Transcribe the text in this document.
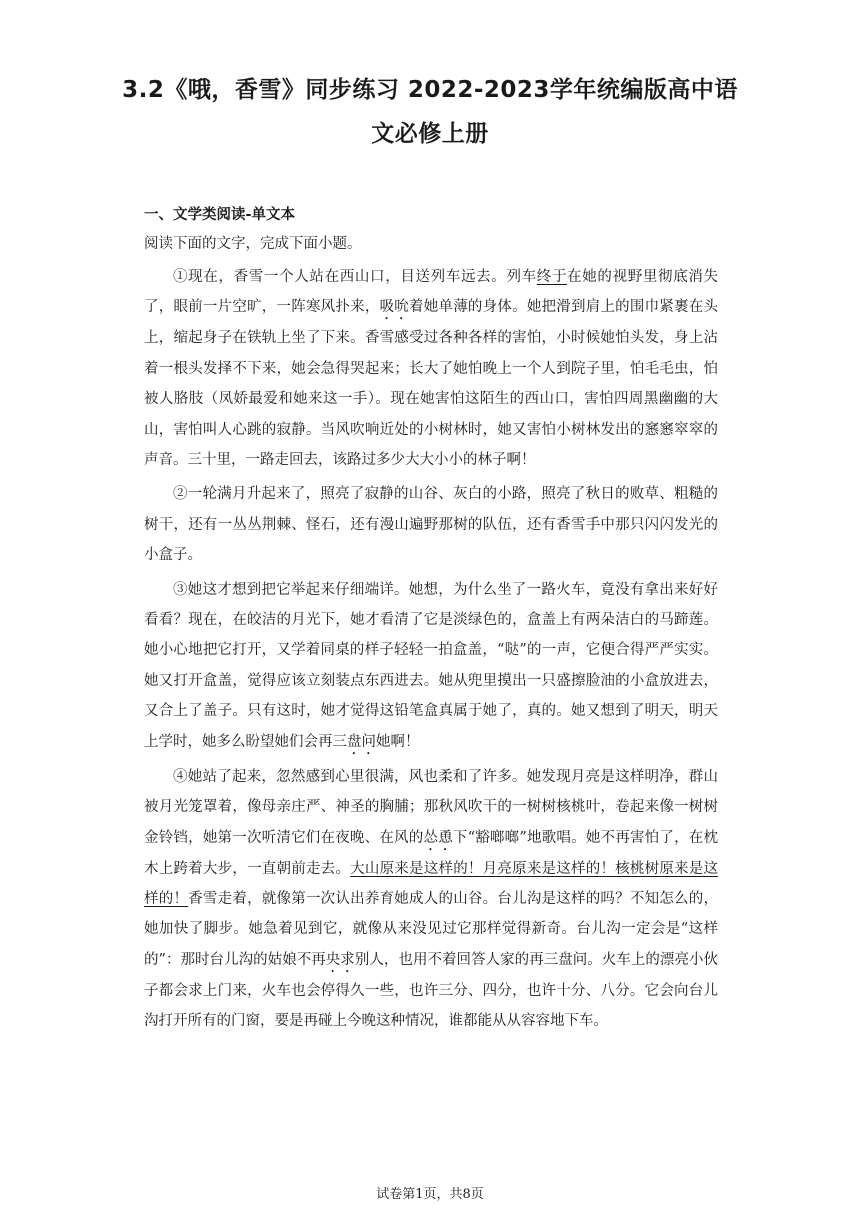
3.2《哦，香雪》同步练习 2022-2023学年统编版高中语文必修上册
一、文学类阅读-单文本
阅读下面的文字，完成下面小题。

①现在，香雪一个人站在西山口，目送列车远去。列车终于在她的视野里彻底消失了，眼前一片空旷，一阵寒风扑来，吸吮着她单薄的身体。她把滑到肩上的围巾紧裹在头上，缩起身子在铁轨上坐了下来。香雪感受过各种各样的害怕，小时候她怕头发，身上沾着一根头发择不下来，她会急得哭起来；长大了她怕晚上一个人到院子里，怕毛毛虫，怕被人胳肢（凤娇最爱和她来这一手）。现在她害怕这陌生的西山口，害怕四周黑幽幽的大山，害怕叫人心跳的寂静。当风吹响近处的小树林时，她又害怕小树林发出的窸窸窣窣的声音。三十里，一路走回去，该路过多少大大小小的林子啊！

②一轮满月升起来了，照亮了寂静的山谷、灰白的小路，照亮了秋日的败草、粗糙的树干，还有一丛丛荆棘、怪石，还有漫山遍野那树的队伍，还有香雪手中那只闪闪发光的小盒子。

③她这才想到把它举起来仔细端详。她想，为什么坐了一路火车，竟没有拿出来好好看看？现在，在皎洁的月光下，她才看清了它是淡绿色的，盒盖上有两朵洁白的马蹄莲。她小心地把它打开，又学着同桌的样子轻轻一拍盒盖，“哒”的一声，它便合得严严实实。她又打开盒盖，觉得应该立刻装点东西进去。她从兜里摸出一只盛擦脸油的小盒放进去，又合上了盖子。只有这时，她才觉得这铅笔盒真属于她了，真的。她又想到了明天，明天上学时，她多么盼望她们会再三盘问她啊！

④她站了起来，忽然感到心里很满，风也柔和了许多。她发现月亮是这样明净，群山被月光笼罩着，像母亲庄严、神圣的胸脯；那秋风吹干的一树树核桃叶，卷起来像一树树金铃铛，她第一次听清它们在夜晚、在风的怂恿下“豁啷啷”地歌唱。她不再害怕了，在枕木上跨着大步，一直朝前走去。大山原来是这样的！月亮原来是这样的！核桃树原来是这样的！香雪走着，就像第一次认出养育她成人的山谷。台儿沟是这样的吗？不知怎么的，她加快了脚步。她急着见到它，就像从来没见过它那样觉得新奇。台儿沟一定会是“这样的”：那时台儿沟的姑娘不再央求别人，也用不着回答人家的再三盘问。火车上的漂亮小伙子都会求上门来，火车也会停得久一些，也许三分、四分，也许十分、八分。它会向台儿沟打开所有的门窗，要是再碰上今晚这种情况，谁都能从从容容地下车。

试卷第1页，共8页
